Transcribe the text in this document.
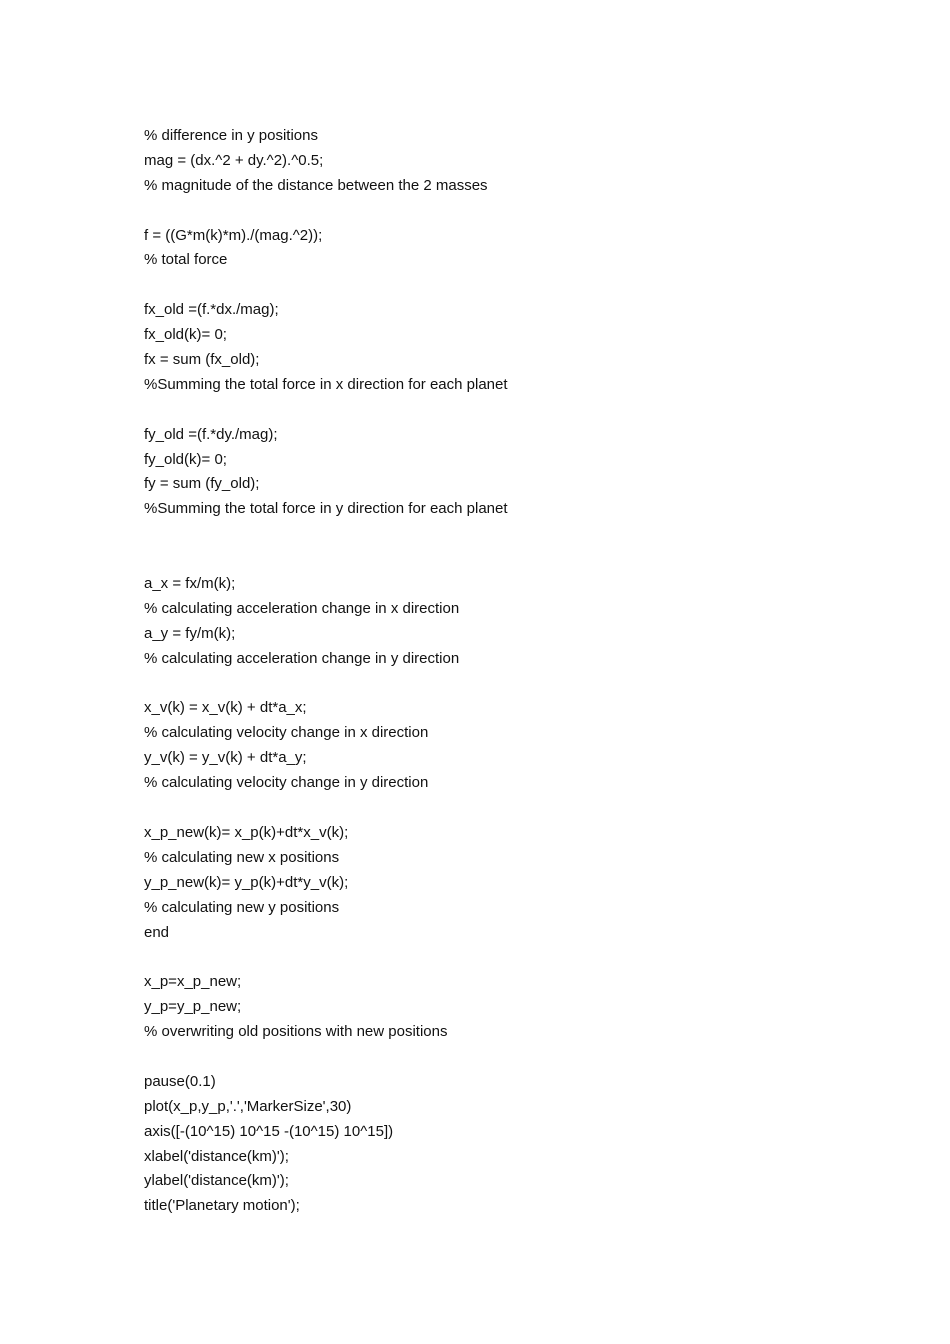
% difference in y positions
mag = (dx.^2 + dy.^2).^0.5;
% magnitude of the distance between the 2 masses
f = ((G*m(k)*m)./(mag.^2));
% total force
fx_old =(f.*dx./mag);
fx_old(k)= 0;
fx = sum (fx_old);
%Summing the total force in x direction for each planet
fy_old =(f.*dy./mag);
fy_old(k)= 0;
fy = sum (fy_old);
%Summing the total force in y direction for each planet
a_x = fx/m(k);
% calculating acceleration change in x direction
a_y = fy/m(k);
% calculating acceleration change in y direction
x_v(k) = x_v(k) + dt*a_x;
% calculating velocity change in x direction
y_v(k) = y_v(k) + dt*a_y;
% calculating velocity change in y direction
x_p_new(k)= x_p(k)+dt*x_v(k);
% calculating new x positions
y_p_new(k)= y_p(k)+dt*y_v(k);
% calculating new y positions
end
x_p=x_p_new;
y_p=y_p_new;
% overwriting old positions with new positions
pause(0.1)
plot(x_p,y_p,'.','MarkerSize',30)
axis([-(10^15) 10^15 -(10^15) 10^15])
xlabel('distance(km)');
ylabel('distance(km)');
title('Planetary motion');
